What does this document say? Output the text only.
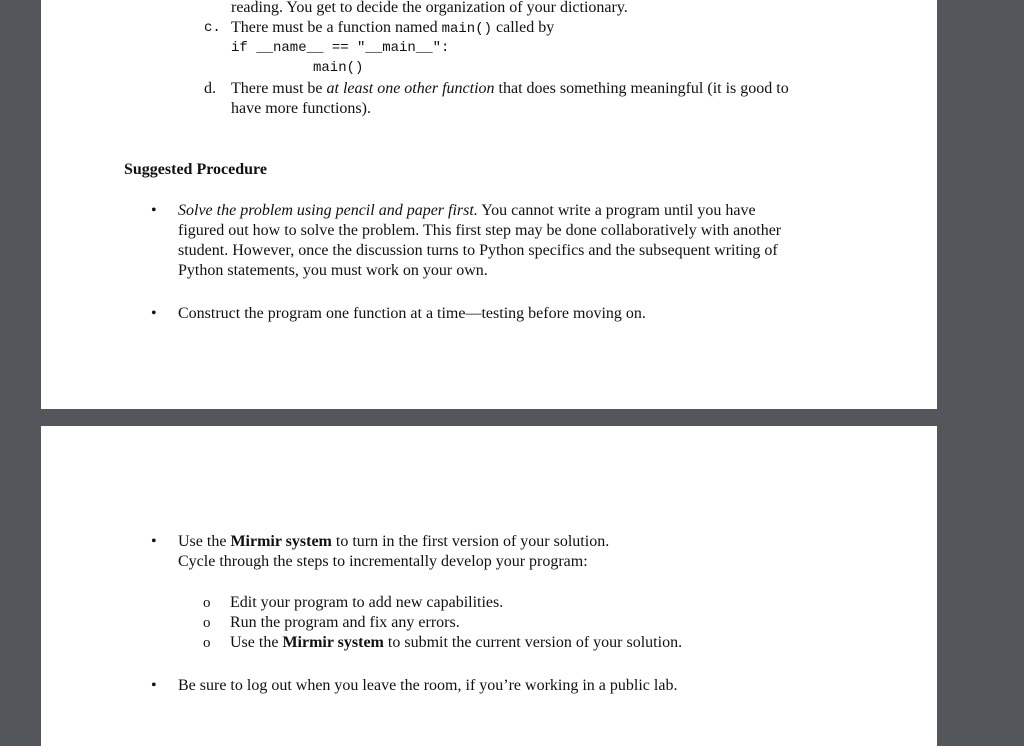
reading. You get to decide the organization of your dictionary.
c. There must be a function named main() called by
if __name__ == "__main__":
main()
d. There must be at least one other function that does something meaningful (it is good to
have more functions).
Suggested Procedure
• Solve the problem using pencil and paper first. You cannot write a program until you have
figured out how to solve the problem. This first step may be done collaboratively with another
student. However, once the discussion turns to Python specifics and the subsequent writing of
Python statements, you must work on your own.
• Construct the program one function at a time—testing before moving on.
• Use the Mirmir system to turn in the first version of your solution.
Cycle through the steps to incrementally develop your program:
o Edit your program to add new capabilities.
o Run the program and fix any errors.
o Use the Mirmir system to submit the current version of your solution.
• Be sure to log out when you leave the room, if you’re working in a public lab.
